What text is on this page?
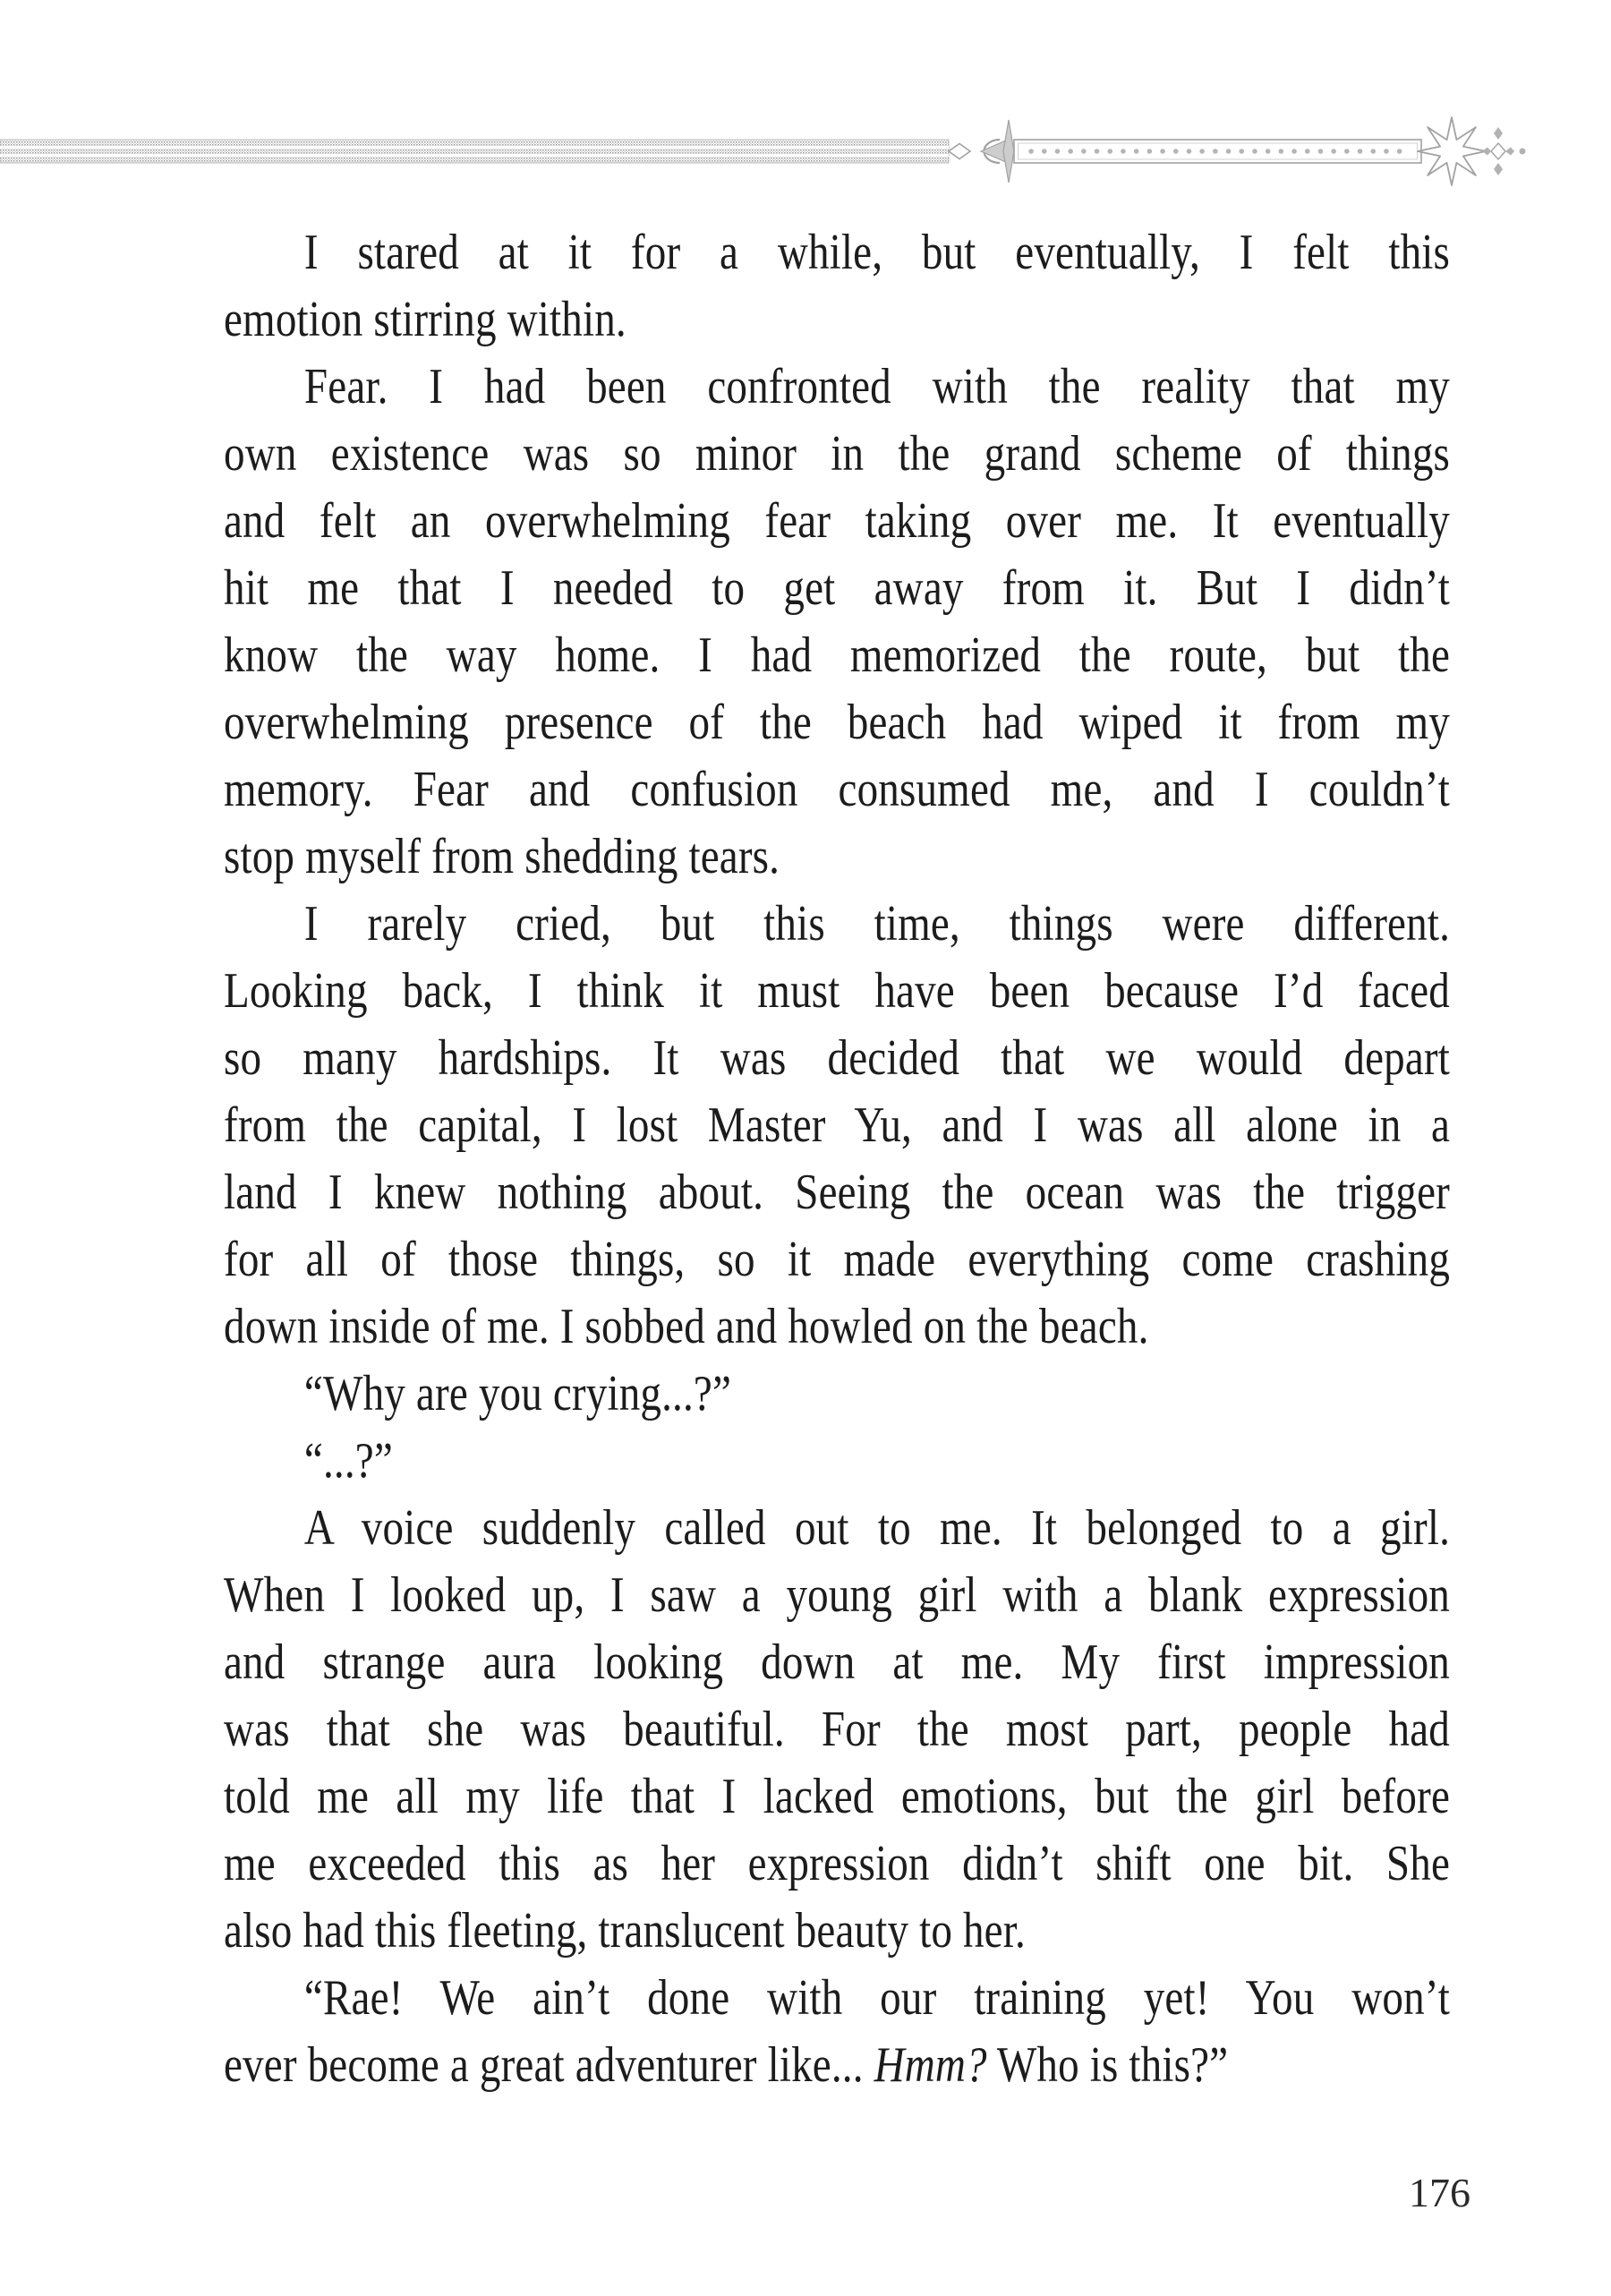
I stared at it for a while, but eventually, I felt this
emotion stirring within.
Fear. I had been confronted with the reality that my
own existence was so minor in the grand scheme of things
and felt an overwhelming fear taking over me. It eventually
hit me that I needed to get away from it. But I didn’t
know the way home. I had memorized the route, but the
overwhelming presence of the beach had wiped it from my
memory. Fear and confusion consumed me, and I couldn’t
stop myself from shedding tears.
I rarely cried, but this time, things were different.
Looking back, I think it must have been because I’d faced
so many hardships. It was decided that we would depart
from the capital, I lost Master Yu, and I was all alone in a
land I knew nothing about. Seeing the ocean was the trigger
for all of those things, so it made everything come crashing
down inside of me. I sobbed and howled on the beach.
“Why are you crying...?”
“...?”
A voice suddenly called out to me. It belonged to a girl.
When I looked up, I saw a young girl with a blank expression
and strange aura looking down at me. My first impression
was that she was beautiful. For the most part, people had
told me all my life that I lacked emotions, but the girl before
me exceeded this as her expression didn’t shift one bit. She
also had this fleeting, translucent beauty to her.
“Rae! We ain’t done with our training yet! You won’t
ever become a great adventurer like... Hmm? Who is this?”
176
